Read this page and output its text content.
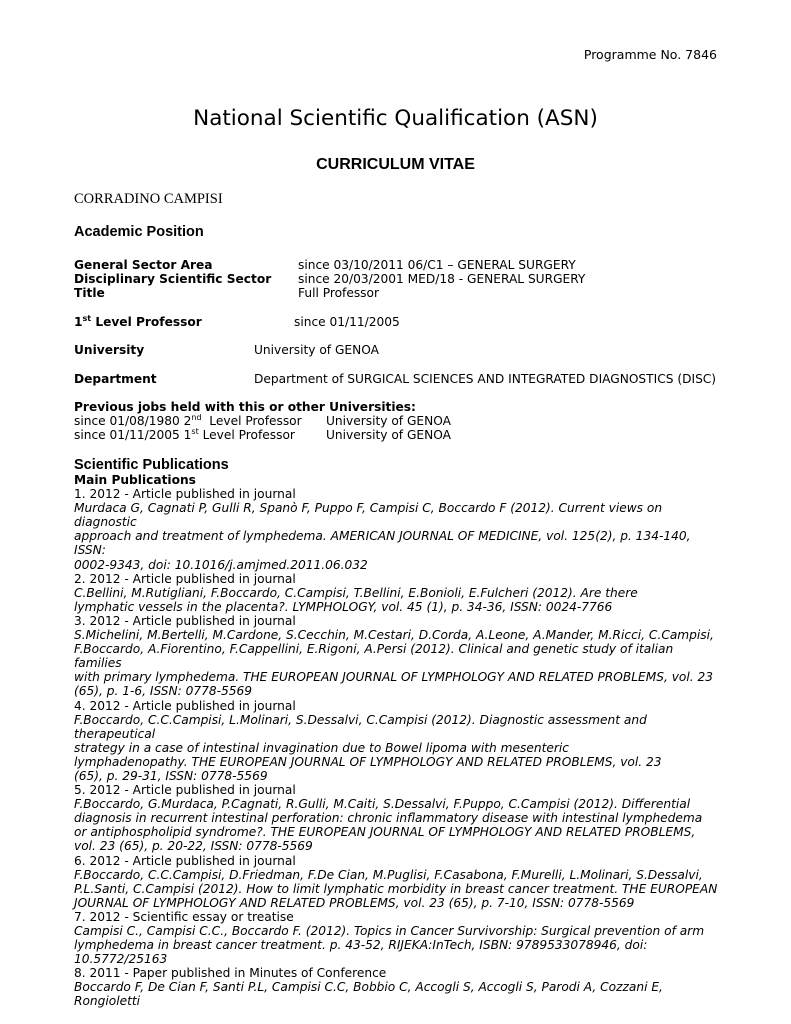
Programme No. 7846
National Scientific Qualification (ASN)
CURRICULUM VITAE
CORRADINO CAMPISI
Academic Position
General Sector Area	since 03/10/2011 06/C1 – GENERAL SURGERY
Disciplinary Scientific Sector since 20/03/2001 MED/18 - GENERAL SURGERY
Title	Full Professor
1st Level Professor	since 01/11/2005
University	University of GENOA
Department	Department of SURGICAL SCIENCES AND INTEGRATED DIAGNOSTICS (DISC)
Previous jobs held with this or other Universities:
since 01/08/1980 2nd  Level Professor University of GENOA
since 01/11/2005 1st Level Professor	University of GENOA
Scientific Publications
Main Publications
1. 2012 - Article published in journal
Murdaca G, Cagnati P, Gulli R, Spanò F, Puppo F, Campisi C, Boccardo F (2012). Current views on diagnostic
approach and treatment of lymphedema. AMERICAN JOURNAL OF MEDICINE, vol. 125(2), p. 134-140, ISSN:
0002-9343, doi: 10.1016/j.amjmed.2011.06.032
2. 2012 - Article published in journal
C.Bellini, M.Rutigliani, F.Boccardo, C.Campisi, T.Bellini, E.Bonioli, E.Fulcheri (2012). Are there
lymphatic vessels in the placenta?. LYMPHOLOGY, vol. 45 (1), p. 34-36, ISSN: 0024-7766
3. 2012 - Article published in journal
S.Michelini, M.Bertelli, M.Cardone, S.Cecchin, M.Cestari, D.Corda, A.Leone, A.Mander, M.Ricci, C.Campisi,
F.Boccardo, A.Fiorentino, F.Cappellini, E.Rigoni, A.Persi (2012). Clinical and genetic study of italian families
with primary lymphedema. THE EUROPEAN JOURNAL OF LYMPHOLOGY AND RELATED PROBLEMS, vol. 23
(65), p. 1-6, ISSN: 0778-5569
4. 2012 - Article published in journal
F.Boccardo, C.C.Campisi, L.Molinari, S.Dessalvi, C.Campisi (2012). Diagnostic assessment and therapeutical
strategy in a case of intestinal invagination due to Bowel lipoma with mesenteric
lymphadenopathy. THE EUROPEAN JOURNAL OF LYMPHOLOGY AND RELATED PROBLEMS, vol. 23
(65), p. 29-31, ISSN: 0778-5569
5. 2012 - Article published in journal
F.Boccardo, G.Murdaca, P.Cagnati, R.Gulli, M.Caiti, S.Dessalvi, F.Puppo, C.Campisi (2012). Differential
diagnosis in recurrent intestinal perforation: chronic inflammatory disease with intestinal lymphedema
or antiphospholipid syndrome?. THE EUROPEAN JOURNAL OF LYMPHOLOGY AND RELATED PROBLEMS,
vol. 23 (65), p. 20-22, ISSN: 0778-5569
6. 2012 - Article published in journal
F.Boccardo, C.C.Campisi, D.Friedman, F.De Cian, M.Puglisi, F.Casabona, F.Murelli, L.Molinari, S.Dessalvi,
P.L.Santi, C.Campisi (2012). How to limit lymphatic morbidity in breast cancer treatment. THE EUROPEAN
JOURNAL OF LYMPHOLOGY AND RELATED PROBLEMS, vol. 23 (65), p. 7-10, ISSN: 0778-5569
7. 2012 - Scientific essay or treatise
Campisi C., Campisi C.C., Boccardo F. (2012). Topics in Cancer Survivorship: Surgical prevention of arm
lymphedema in breast cancer treatment. p. 43-52, RIJEKA:InTech, ISBN: 9789533078946, doi:
10.5772/25163
8. 2011 - Paper published in Minutes of Conference
Boccardo F, De Cian F, Santi P.L, Campisi C.C, Bobbio C, Accogli S, Accogli S, Parodi A, Cozzani E, Rongioletti
